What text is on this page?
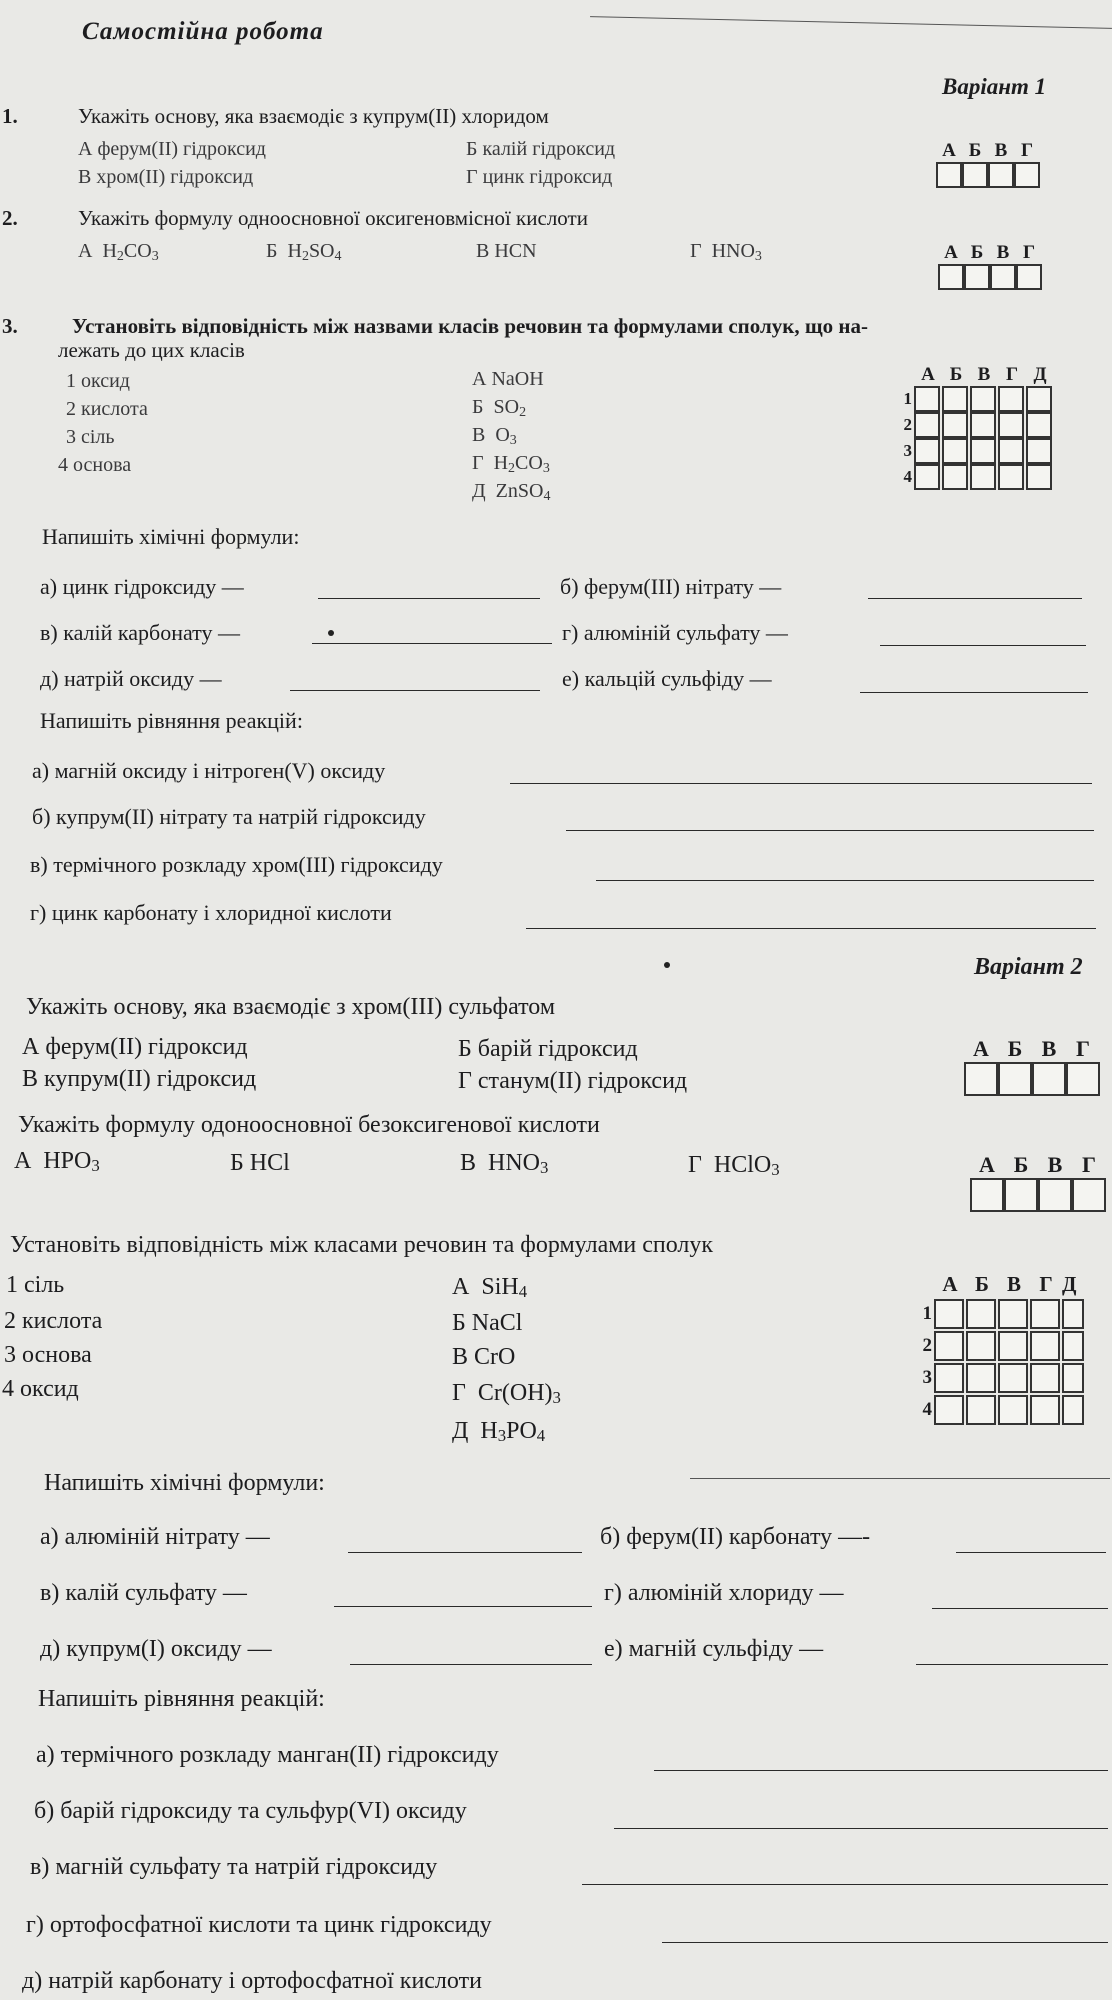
Самостійна робота
Варіант 1
1.	Укажіть основу, яка взаємодіє з купрум(ІІ) хлоридом
А ферум(ІІ) гідроксид	Б калій гідроксид
В хром(ІІ) гідроксид	Г цинк гідроксид
А Б В Г
2.	Укажіть формулу одноосновної оксигеновмісної кислоти
А $H_2CO_3$	Б $H_2SO_4$	В HCN	Г $HNO_3$	А Б В Г
3.	Установіть відповідність між назвами класів речовин та формулами сполук, що на-
лежать до цих класів
1 оксид
2 кислота
3 сіль
4 основа
А NaOH
Б $SO_2$
В $O_3$
Г $H_2CO_3$
Д ZnSO$_4$
А Б В Г Д
1
2
3
4
Напишіть хімічні формули:
а) цинк гідроксиду —	б) ферум(ІІІ) нітрату —
в) калій карбонату —	г) алюміній сульфату —
д) натрій оксиду —	е) кальцій сульфіду —
Напишіть рівняння реакцій:
а) магній оксиду і нітроген(V) оксиду
б) купрум(ІІ) нітрату та натрій гідроксиду
в) термічного розкладу хром(ІІІ) гідроксиду
г) цинк карбонату і хлоридної кислоти
Варіант 2
Укажіть основу, яка взаємодіє з хром(ІІІ) сульфатом
А ферум(ІІ) гідроксид	Б барій гідроксид
В купрум(ІІ) гідроксид	Г станум(ІІ) гідроксид
А Б В Г
Укажіть формулу одоноосновної безоксигенової кислоти
А $HPO_3$	Б HCl	В $HNO_3$	Г HClO$_3$	А Б В Г
Установіть відповідність між класами речовин та формулами сполук
1 сіль
2 кислота
3 основа
4 оксид
А SiH$_4$
Б NaCl
В CrO
Г $Cr(OH)_3$
Д $H_3PO_4$
А Б В Г Д
1
2
3
4
Напишіть хімічні формули:
а) алюміній нітрату —	б) ферум(ІІ) карбонату —-
в) калій сульфату —	г) алюміній хлориду —
д) купрум(І) оксиду —	е) магній сульфіду —
Напишіть рівняння реакцій:
а) термічного розкладу манган(ІІ) гідроксиду
б) барій гідроксиду та сульфур(VІ) оксиду
в) магній сульфату та натрій гідроксиду
г) ортофосфатної кислоти та цинк гідроксиду
д) натрій карбонату і ортофосфатної кислоти
